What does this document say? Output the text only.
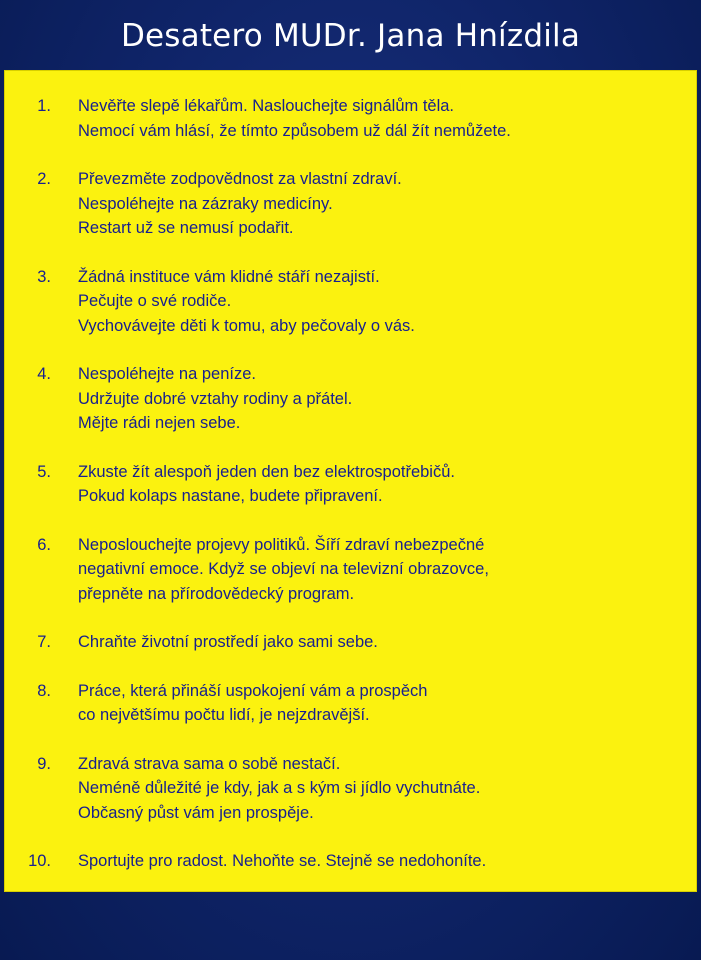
Desatero MUDr. Jana Hnízdila
1. Nevěřte slepě lékařům. Naslouchejte signálům těla.
Nemocí vám hlásí, že tímto způsobem už dál žít nemůžete.
2. Převezměte zodpovědnost za vlastní zdraví.
Nespoléhejte na zázraky medicíny.
Restart už se nemusí podařit.
3. Žádná instituce vám klidné stáří nezajistí.
Pečujte o své rodiče.
Vychovávejte děti k tomu, aby pečovaly o vás.
4. Nespoléhejte na peníze.
Udržujte dobré vztahy rodiny a přátel.
Mějte rádi nejen sebe.
5. Zkuste žít alespoň jeden den bez elektrospotřebičů.
Pokud kolaps nastane, budete připravení.
6. Neposlouchejte projevy politiků. Šíří zdraví nebezpečné
negativní emoce. Když se objeví na televizní obrazovce,
přepněte na přírodovědecký program.
7. Chraňte životní prostředí jako sami sebe.
8. Práce, která přináší uspokojení vám a prospěch
co největšímu počtu lidí, je nejzdravější.
9. Zdravá strava sama o sobě nestačí.
Neméně důležité je kdy, jak a s kým si jídlo vychutnáte.
Občasný půst vám jen prospěje.
10. Sportujte pro radost. Nehoňte se. Stejně se nedohoníte.
